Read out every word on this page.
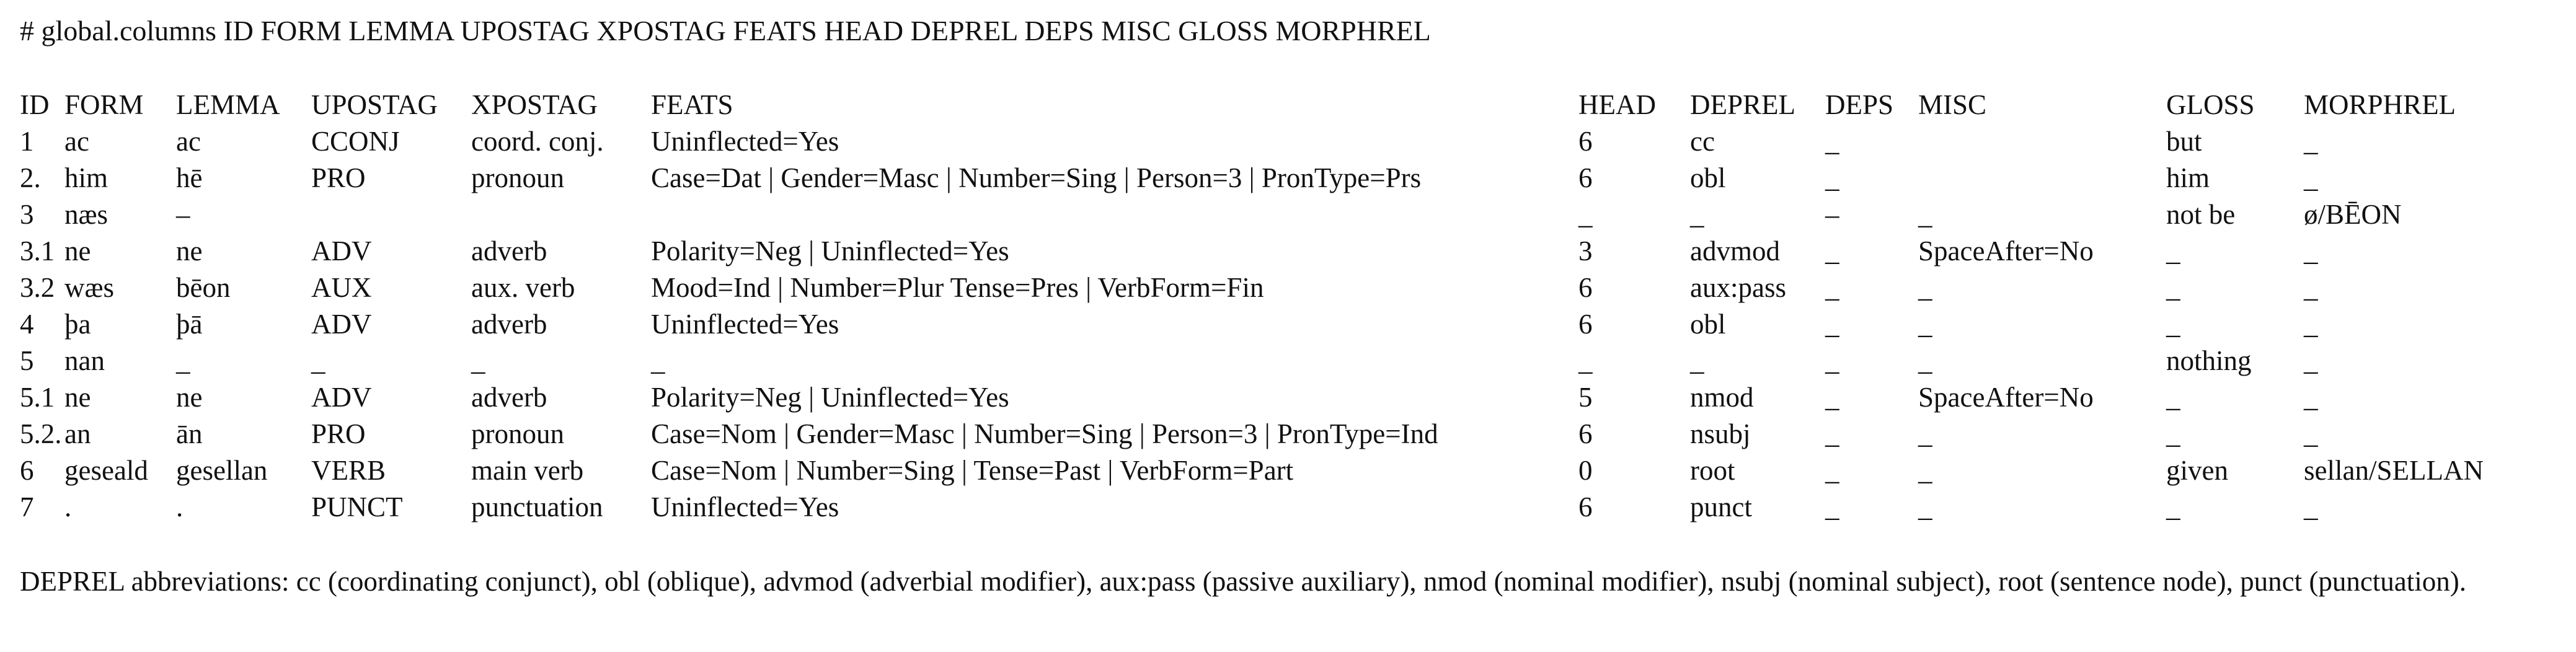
# global.columns ID FORM LEMMA UPOSTAG XPOSTAG FEATS HEAD DEPREL DEPS MISC GLOSS MORPHREL
ID	FORM	LEMMA	UPOSTAG	XPOSTAG	FEATS	HEAD	DEPREL	DEPS	MISC	GLOSS	MORPHREL
1	ac	ac	CCONJ	coord. conj.	Uninflected=Yes	6	cc	_		but	_
2.	him	hē	PRO	pronoun	Case=Dat | Gender=Masc | Number=Sing | Person=3 | PronType=Prs	6	obl	_		him	_
3	næs	–				_	_	–	_	not be	ø/BĒON
3.1	ne	ne	ADV	adverb	Polarity=Neg | Uninflected=Yes	3	advmod	_	SpaceAfter=No	_	_
3.2	wæs	bēon	AUX	aux. verb	Mood=Ind | Number=Plur Tense=Pres | VerbForm=Fin	6	aux:pass	_	_	_	_
4	þa	þā	ADV	adverb	Uninflected=Yes	6	obl	_	_	_	_
5	nan	_	_	_	_	_	_	_	_	nothing	_
5.1	ne	ne	ADV	adverb	Polarity=Neg | Uninflected=Yes	5	nmod	_	SpaceAfter=No	_	_
5.2.	an	ān	PRO	pronoun	Case=Nom | Gender=Masc | Number=Sing | Person=3 | PronType=Ind	6	nsubj	_	_	_	_
6	geseald	gesellan	VERB	main verb	Case=Nom | Number=Sing | Tense=Past | VerbForm=Part	0	root	_	_	given	sellan/SELLAN
7	.	.	PUNCT	punctuation	Uninflected=Yes	6	punct	_	_	_	_
DEPREL abbreviations: cc (coordinating conjunct), obl (oblique), advmod (adverbial modifier), aux:pass (passive auxiliary), nmod (nominal modifier), nsubj (nominal subject), root (sentence node), punct (punctuation).
